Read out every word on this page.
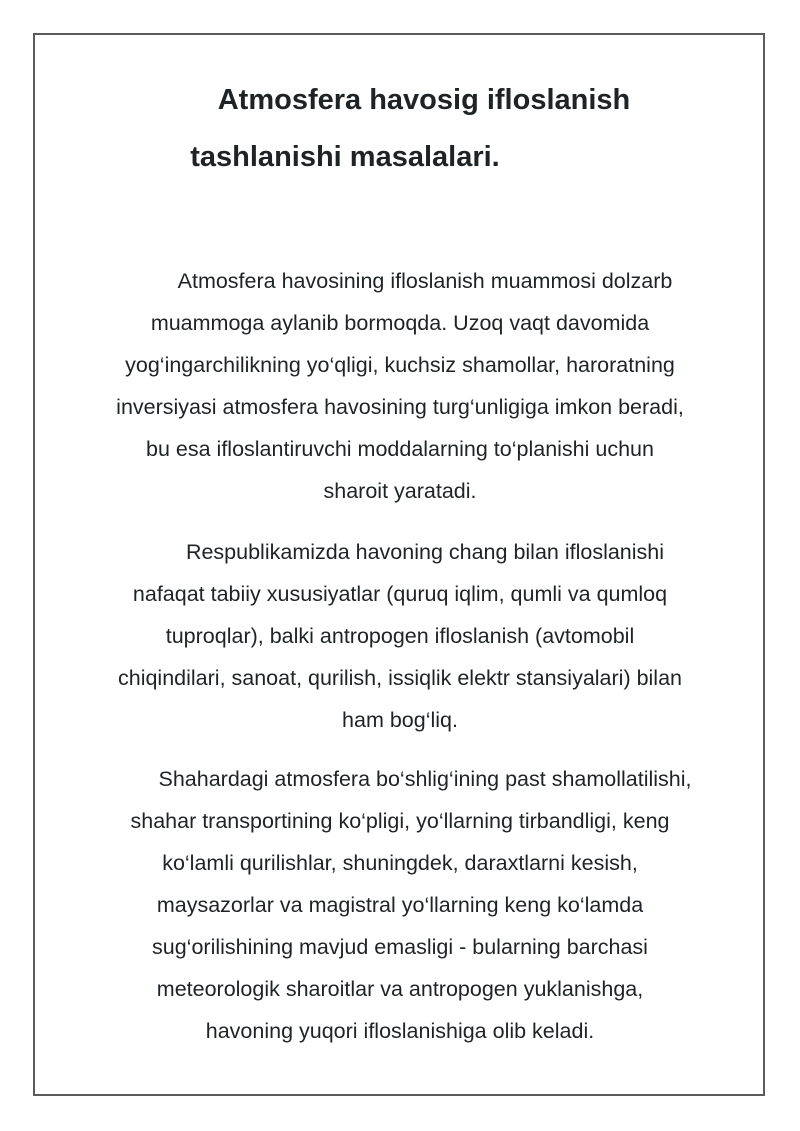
Atmosfera havosig ifloslanish
tashlanishi masalalari.
Atmosfera havosining ifloslanish muammosi dolzarb
muammoga aylanib bormoqda. Uzoq vaqt davomida
yog‘ingarchilikning yo‘qligi, kuchsiz shamollar, haroratning
inversiyasi atmosfera havosining turg‘unligiga imkon beradi,
bu esa ifloslantiruvchi moddalarning to‘planishi uchun
sharoit yaratadi.
Respublikamizda havoning chang bilan ifloslanishi
nafaqat tabiiy xususiyatlar (quruq iqlim, qumli va qumloq
tuproqlar), balki antropogen ifloslanish (avtomobil
chiqindilari, sanoat, qurilish, issiqlik elektr stansiyalari) bilan
ham bog‘liq.
Shahardagi atmosfera bo‘shlig‘ining past shamollatilishi,
shahar transportining ko‘pligi, yo‘llarning tirbandligi, keng
ko‘lamli qurilishlar, shuningdek, daraxtlarni kesish,
maysazorlar va magistral yo‘llarning keng ko‘lamda
sug‘orilishining mavjud emasligi - bularning barchasi
meteorologik sharoitlar va antropogen yuklanishga,
havoning yuqori ifloslanishiga olib keladi.
